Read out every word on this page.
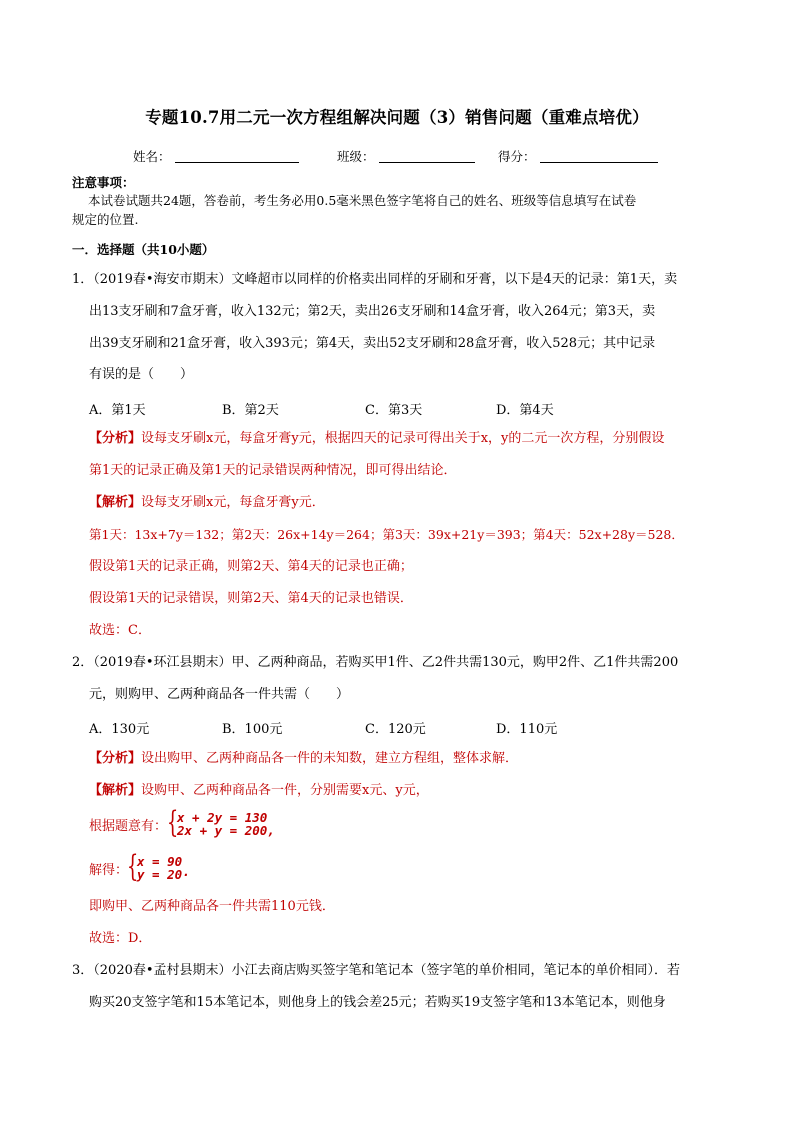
专题10.7用二元一次方程组解决问题（3）销售问题（重难点培优）
姓名：	班级：	得分：
注意事项：
本试卷试题共24题，答卷前，考生务必用0.5毫米黑色签字笔将自己的姓名、班级等信息填写在试卷
规定的位置.
一．选择题（共10小题）
1．（2019春•海安市期末）文峰超市以同样的价格卖出同样的牙刷和牙膏，以下是4天的记录：第1天，卖
出13支牙刷和7盒牙膏，收入132元；第2天，卖出26支牙刷和14盒牙膏，收入264元；第3天，卖
出39支牙刷和21盒牙膏，收入393元；第4天，卖出52支牙刷和28盒牙膏，收入528元；其中记录
有误的是（　　）
A．第1天	B．第2天	C．第3天	D．第4天
【分析】设每支牙刷x元，每盒牙膏y元，根据四天的记录可得出关于x，y的二元一次方程，分别假设
第1天的记录正确及第1天的记录错误两种情况，即可得出结论．
【解析】设每支牙刷x元，每盒牙膏y元．
第1天：13x+7y＝132；第2天：26x+14y＝264；第3天：39x+21y＝393；第4天：52x+28y＝528．
假设第1天的记录正确，则第2天、第4天的记录也正确；
假设第1天的记录错误，则第2天、第4天的记录也错误．
故选：C．
2．（2019春•环江县期末）甲、乙两种商品，若购买甲1件、乙2件共需130元，购甲2件、乙1件共需200
元，则购甲、乙两种商品各一件共需（　　）
A．130元	B．100元	C．120元	D．110元
【分析】设出购甲、乙两种商品各一件的未知数，建立方程组，整体求解．
【解析】设购甲、乙两种商品各一件，分别需要x元、y元，
根据题意有： {
x + 2y = 130
2x + y = 200,
解得：
{
x = 90
y = 20·
即购甲、乙两种商品各一件共需110元钱．
故选：D．
3．（2020春•孟村县期末）小江去商店购买签字笔和笔记本（签字笔的单价相同，笔记本的单价相同）．若
购买20支签字笔和15本笔记本，则他身上的钱会差25元；若购买19支签字笔和13本笔记本，则他身
